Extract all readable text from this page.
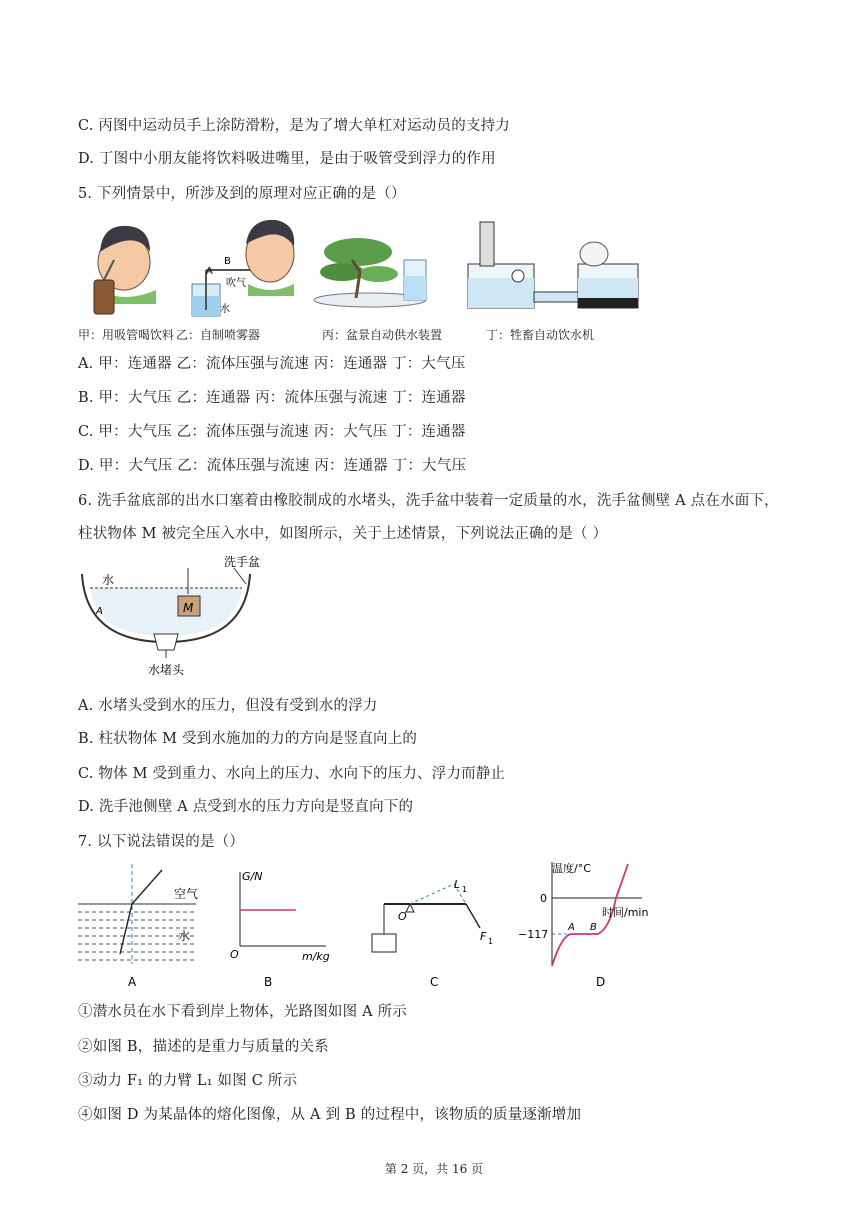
C. 丙图中运动员手上涂防滑粉，是为了增大单杠对运动员的支持力
D. 丁图中小朋友能将饮料吸进嘴里，是由于吸管受到浮力的作用
5. 下列情景中，所涉及到的原理对应正确的是（）
A
B
吹气
水
甲：用吸管喝饮料 乙：自制喷雾器	丙：盆景自动供水装置	丁：牲畜自动饮水机
A. 甲：连通器 乙：流体压强与流速 丙：连通器 丁：大气压
B. 甲：大气压 乙：连通器 丙：流体压强与流速 丁：连通器
C. 甲：大气压 乙：流体压强与流速 丙：大气压 丁：连通器
D. 甲：大气压 乙：流体压强与流速 丙：连通器 丁：大气压
6. 洗手盆底部的出水口塞着由橡胶制成的水堵头，洗手盆中装着一定质量的水，洗手盆侧壁 A 点在水面下，
柱状物体 M 被完全压入水中，如图所示，关于上述情景，下列说法正确的是（ ）
洗手盆
水
M
A
水堵头
A. 水堵头受到水的压力，但没有受到水的浮力
B. 柱状物体 M 受到水施加的力的方向是竖直向上的
C. 物体 M 受到重力、水向上的压力、水向下的压力、浮力而静止
D. 洗手池侧壁 A 点受到水的压力方向是竖直向下的
7. 以下说法错误的是（）
空气
水
A
G/N
m/kg
O
B
O
L 1
F 1
C
温度/°C
时间/min
0
−117
A B
D
①潜水员在水下看到岸上物体，光路图如图 A 所示
②如图 B，描述的是重力与质量的关系
③动力 F₁ 的力臂 L₁ 如图 C 所示
④如图 D 为某晶体的熔化图像，从 A 到 B 的过程中，该物质的质量逐渐增加
第 2 页，共 16 页
